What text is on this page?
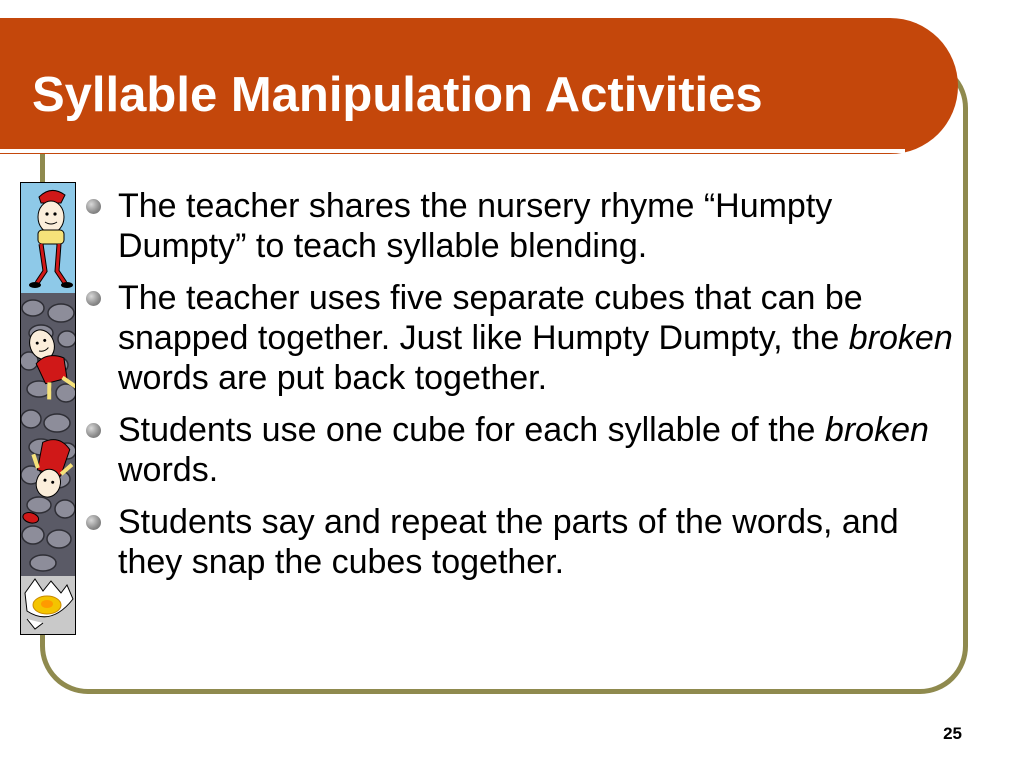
Syllable Manipulation Activities
The teacher shares the nursery rhyme “Humpty Dumpty” to teach syllable blending.
The teacher uses five separate cubes that can be snapped together. Just like Humpty Dumpty, the broken words are put back together.
Students use one cube for each syllable of the broken words.
Students say and repeat the parts of the words, and they snap the cubes together.
25
